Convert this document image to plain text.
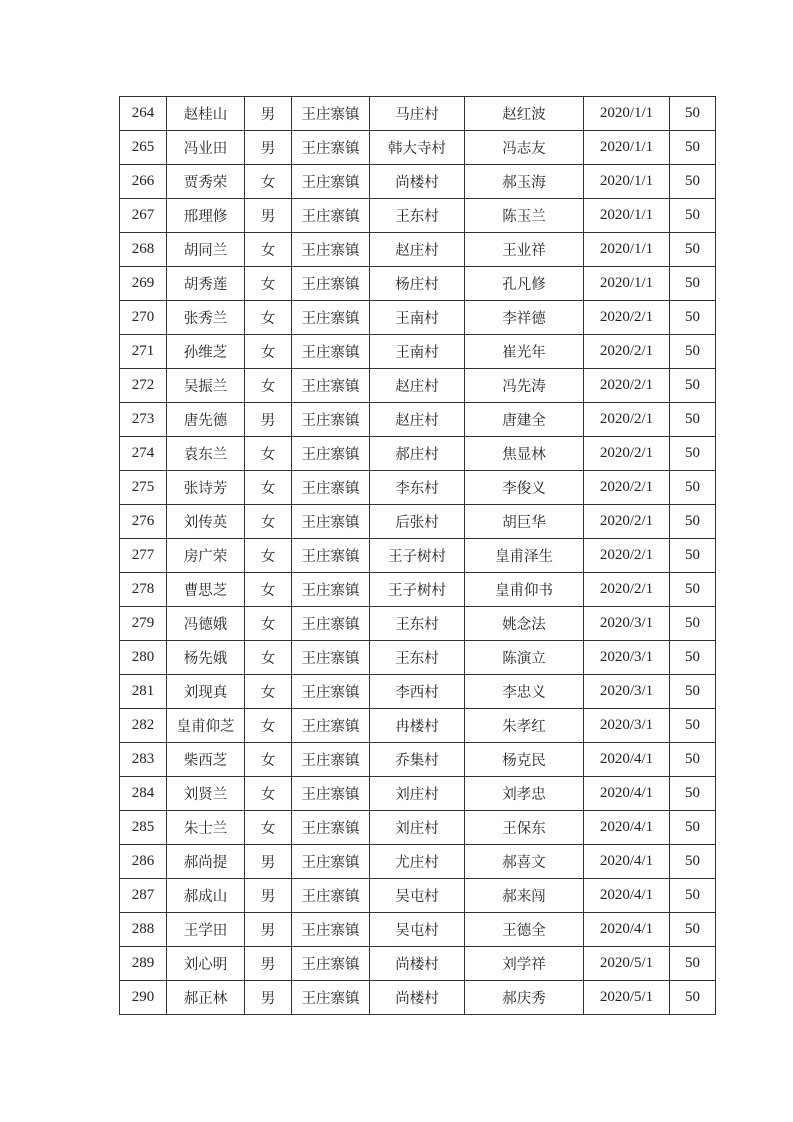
264	赵桂山	男	王庄寨镇	马庄村	赵红波	2020/1/1	50
265	冯业田	男	王庄寨镇	韩大寺村	冯志友	2020/1/1	50
266	贾秀荣	女	王庄寨镇	尚楼村	郝玉海	2020/1/1	50
267	邢理修	男	王庄寨镇	王东村	陈玉兰	2020/1/1	50
268	胡同兰	女	王庄寨镇	赵庄村	王业祥	2020/1/1	50
269	胡秀莲	女	王庄寨镇	杨庄村	孔凡修	2020/1/1	50
270	张秀兰	女	王庄寨镇	王南村	李祥德	2020/2/1	50
271	孙维芝	女	王庄寨镇	王南村	崔光年	2020/2/1	50
272	吴振兰	女	王庄寨镇	赵庄村	冯先涛	2020/2/1	50
273	唐先德	男	王庄寨镇	赵庄村	唐建全	2020/2/1	50
274	袁东兰	女	王庄寨镇	郝庄村	焦显林	2020/2/1	50
275	张诗芳	女	王庄寨镇	李东村	李俊义	2020/2/1	50
276	刘传英	女	王庄寨镇	后张村	胡巨华	2020/2/1	50
277	房广荣	女	王庄寨镇	王子树村	皇甫泽生	2020/2/1	50
278	曹思芝	女	王庄寨镇	王子树村	皇甫仰书	2020/2/1	50
279	冯德娥	女	王庄寨镇	王东村	姚念法	2020/3/1	50
280	杨先娥	女	王庄寨镇	王东村	陈演立	2020/3/1	50
281	刘现真	女	王庄寨镇	李西村	李忠义	2020/3/1	50
282	皇甫仰芝	女	王庄寨镇	冉楼村	朱孝红	2020/3/1	50
283	柴西芝	女	王庄寨镇	乔集村	杨克民	2020/4/1	50
284	刘贤兰	女	王庄寨镇	刘庄村	刘孝忠	2020/4/1	50
285	朱士兰	女	王庄寨镇	刘庄村	王保东	2020/4/1	50
286	郝尚提	男	王庄寨镇	尤庄村	郝喜文	2020/4/1	50
287	郝成山	男	王庄寨镇	吴屯村	郝来闯	2020/4/1	50
288	王学田	男	王庄寨镇	吴屯村	王德全	2020/4/1	50
289	刘心明	男	王庄寨镇	尚楼村	刘学祥	2020/5/1	50
290	郝正林	男	王庄寨镇	尚楼村	郝庆秀	2020/5/1	50
